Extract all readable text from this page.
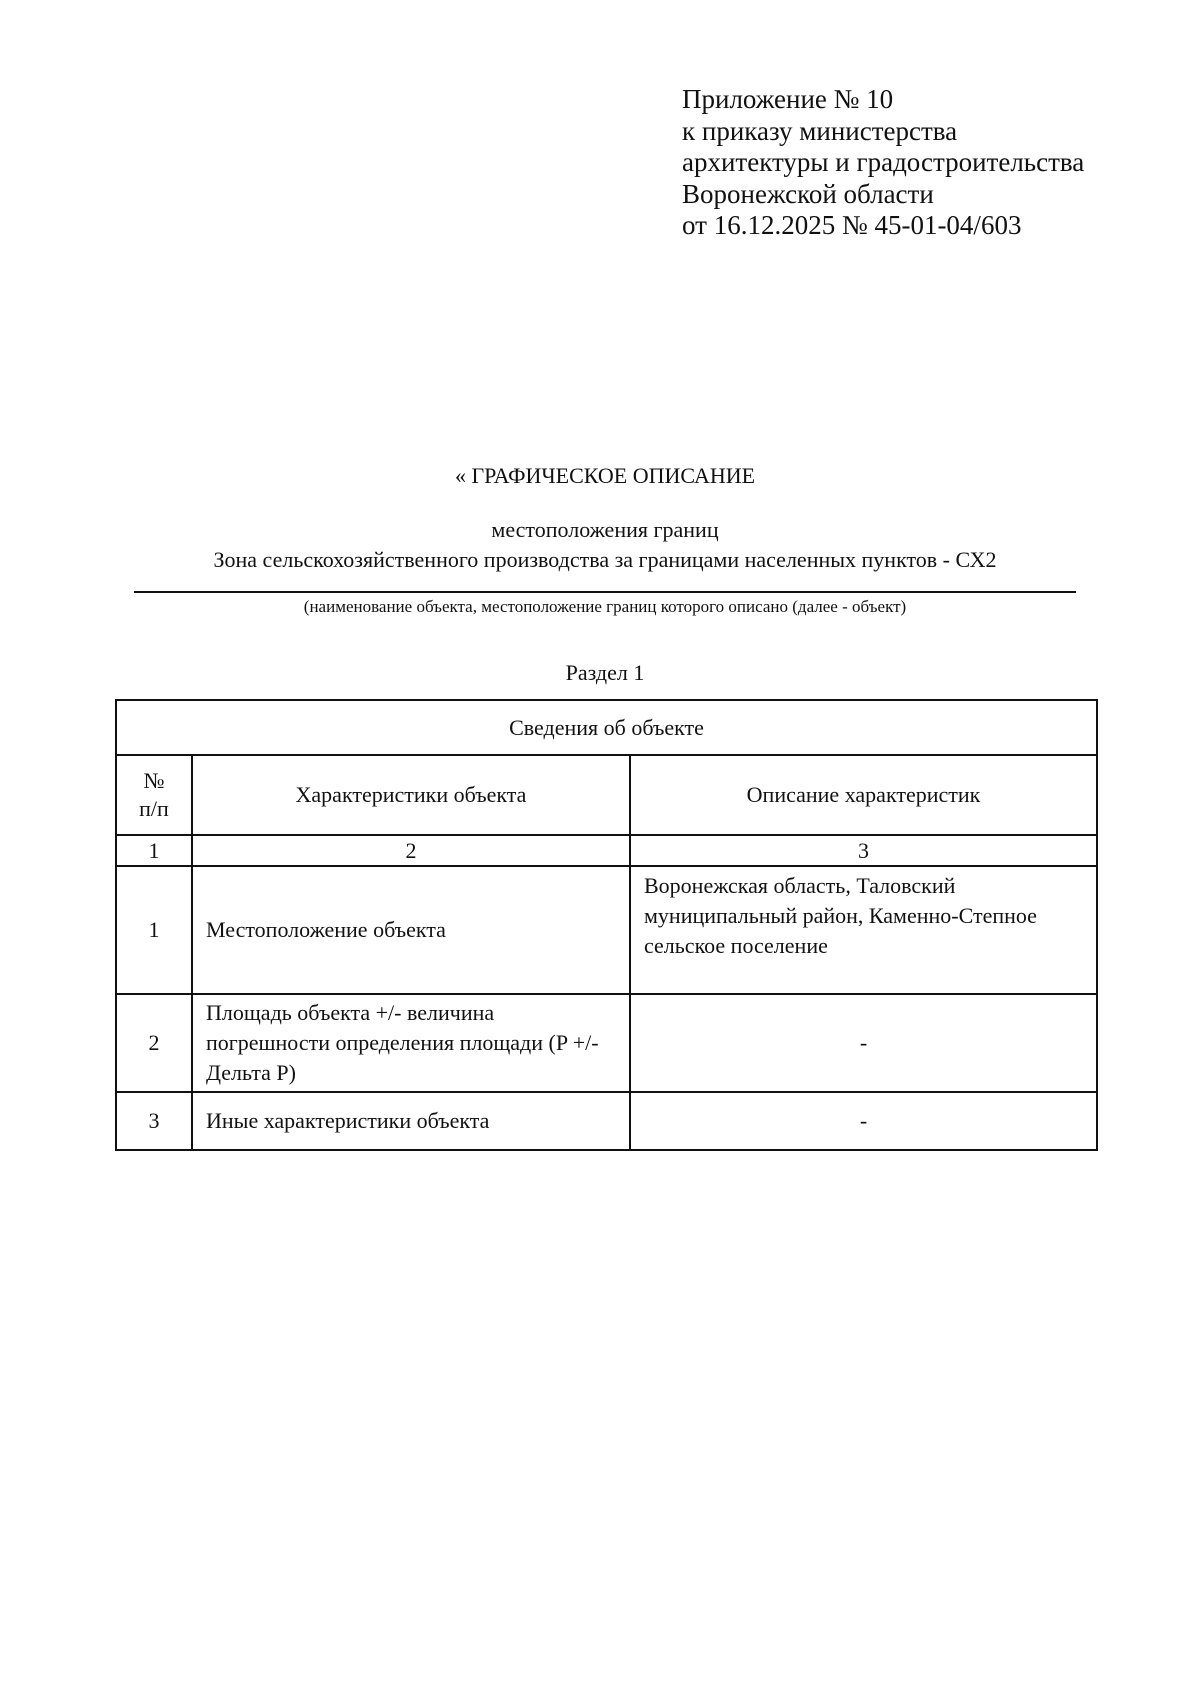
Приложение № 10
к приказу министерства
архитектуры и градостроительства
Воронежской области
от 16.12.2025 № 45-01-04/603
« ГРАФИЧЕСКОЕ ОПИСАНИЕ
местоположения границ
Зона сельскохозяйственного производства за границами населенных пунктов - СХ2
(наименование объекта, местоположение границ которого описано (далее - объект)
Раздел 1
Сведения об объекте		

№
п/п	Характеристики объекта	Описание характеристик
1	2	3
1	Местоположение объекта	Воронежская область, Таловский муниципальный район, Каменно-Степное сельское поселение
2	Площадь объекта +/- величина погрешности определения площади (P +/- Дельта P)	-
3	Иные характеристики объекта	-
